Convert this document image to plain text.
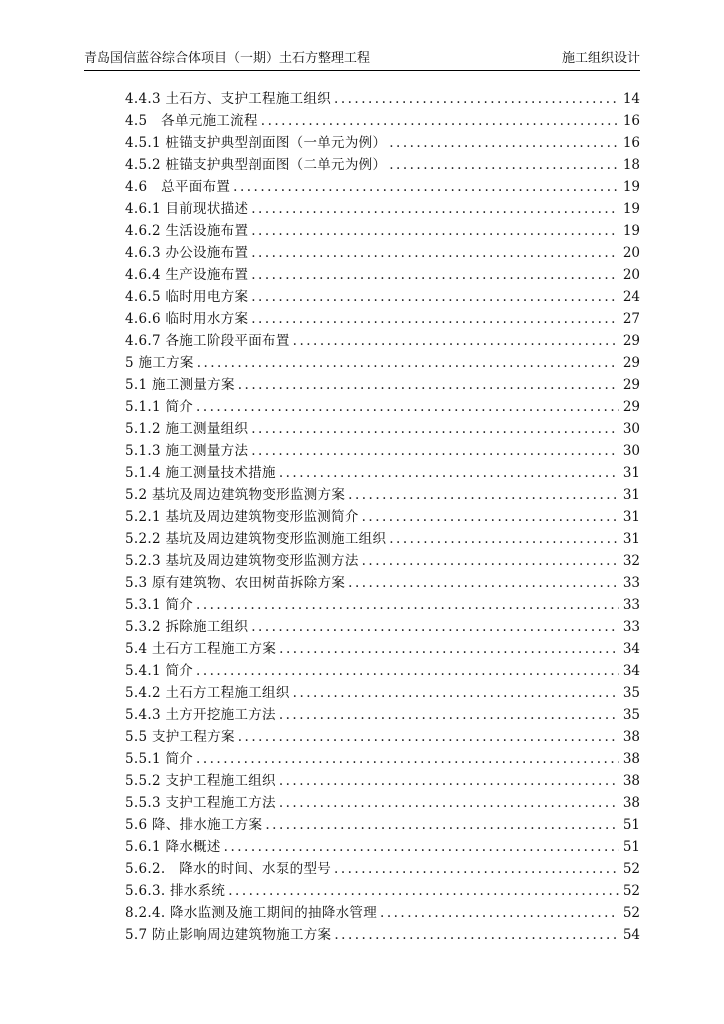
青岛国信蓝谷综合体项目（一期）土石方整理工程	施工组织设计
4.4.3 土石方、支护工程施工组织 .....	14
4.5　各单元施工流程 .....	16
4.5.1 桩锚支护典型剖面图（一单元为例） .....	16
4.5.2 桩锚支护典型剖面图（二单元为例） .....	18
4.6　总平面布置 .....	19
4.6.1 目前现状描述 .....	19
4.6.2 生活设施布置 .....	19
4.6.3 办公设施布置 .....	20
4.6.4 生产设施布置 .....	20
4.6.5 临时用电方案 .....	24
4.6.6 临时用水方案 .....	27
4.6.7 各施工阶段平面布置 .....	29
5 施工方案 .....	29
5.1 施工测量方案 .....	29
5.1.1 简介 .....	29
5.1.2 施工测量组织 .....	30
5.1.3 施工测量方法 .....	30
5.1.4 施工测量技术措施 .....	31
5.2 基坑及周边建筑物变形监测方案 .....	31
5.2.1 基坑及周边建筑物变形监测简介 .....	31
5.2.2 基坑及周边建筑物变形监测施工组织 .....	31
5.2.3 基坑及周边建筑物变形监测方法 .....	32
5.3 原有建筑物、农田树苗拆除方案 .....	33
5.3.1 简介 .....	33
5.3.2 拆除施工组织 .....	33
5.4 土石方工程施工方案 .....	34
5.4.1 简介 .....	34
5.4.2 土石方工程施工组织 .....	35
5.4.3 土方开挖施工方法 .....	35
5.5 支护工程方案 .....	38
5.5.1 简介 .....	38
5.5.2 支护工程施工组织 .....	38
5.5.3 支护工程施工方法 .....	38
5.6 降、排水施工方案 .....	51
5.6.1 降水概述 .....	51
5.6.2.　降水的时间、水泵的型号 .....	52
5.6.3. 排水系统 .....	52
8.2.4. 降水监测及施工期间的抽降水管理 .....	52
5.7 防止影响周边建筑物施工方案 .....	54
